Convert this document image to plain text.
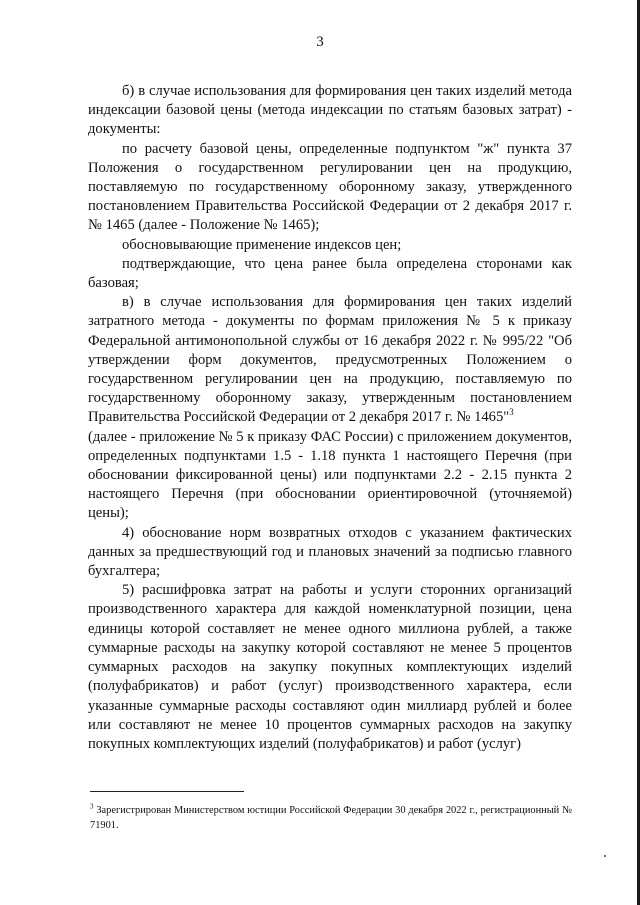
3

б) в случае использования для формирования цен таких изделий метода индексации базовой цены (метода индексации по статьям базовых затрат) - документы:

по расчету базовой цены, определенные подпунктом "ж" пункта 37 Положения о государственном регулировании цен на продукцию, поставляемую по государственному оборонному заказу, утвержденного постановлением Правительства Российской Федерации от 2 декабря 2017 г. № 1465 (далее - Положение № 1465);

обосновывающие применение индексов цен;

подтверждающие, что цена ранее была определена сторонами как базовая;

в) в случае использования для формирования цен таких изделий затратного метода - документы по формам приложения № 5 к приказу Федеральной антимонопольной службы от 16 декабря 2022 г. № 995/22 "Об утверждении форм документов, предусмотренных Положением о государственном регулировании цен на продукцию, поставляемую по государственному оборонному заказу, утвержденным постановлением Правительства Российской Федерации от 2 декабря 2017 г. № 1465"$^3$

(далее - приложение № 5 к приказу ФАС России) с приложением документов, определенных подпунктами 1.5 - 1.18 пункта 1 настоящего Перечня (при обосновании фиксированной цены) или подпунктами 2.2 - 2.15 пункта 2 настоящего Перечня (при обосновании ориентировочной (уточняемой) цены);

4) обоснование норм возвратных отходов с указанием фактических данных за предшествующий год и плановых значений за подписью главного бухгалтера;

5) расшифровка затрат на работы и услуги сторонних организаций производственного характера для каждой номенклатурной позиции, цена единицы которой составляет не менее одного миллиона рублей, а также суммарные расходы на закупку которой составляют не менее 5 процентов суммарных расходов на закупку покупных комплектующих изделий (полуфабрикатов) и работ (услуг) производственного характера, если указанные суммарные расходы составляют один миллиард рублей и более или составляют не менее 10 процентов суммарных расходов на закупку покупных комплектующих изделий (полуфабрикатов) и работ (услуг)

$^3$ Зарегистрирован Министерством юстиции Российской Федерации 30 декабря 2022 г., регистрационный № 71901.
